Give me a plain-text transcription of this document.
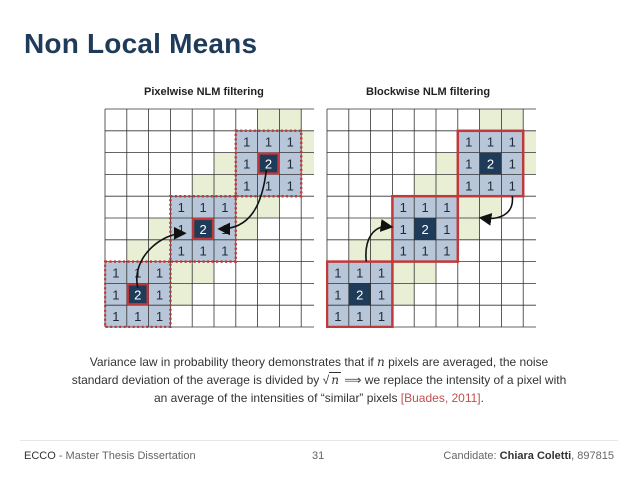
Non Local Means
Pixelwise NLM filtering	Blockwise NLM filtering
1 1 1
1 2 1
1 1 1
1 1 1
1 2 1
1 1 1
1 1 1
1 2 1
1 1 1
1 1 1
1 2 1
1 1 1
1 1 1
1 2 1
1 1 1
1 1 1
1 2 1
1 1 1
Variance law in probability theory demonstrates that if n pixels are averaged, the noise
standard deviation of the average is divided by √ n ⟹ we replace the intensity of a pixel with
an average of the intensities of “similar” pixels [Buades, 2011].
ECCO - Master Thesis Dissertation	31	Candidate: Chiara Coletti, 897815
